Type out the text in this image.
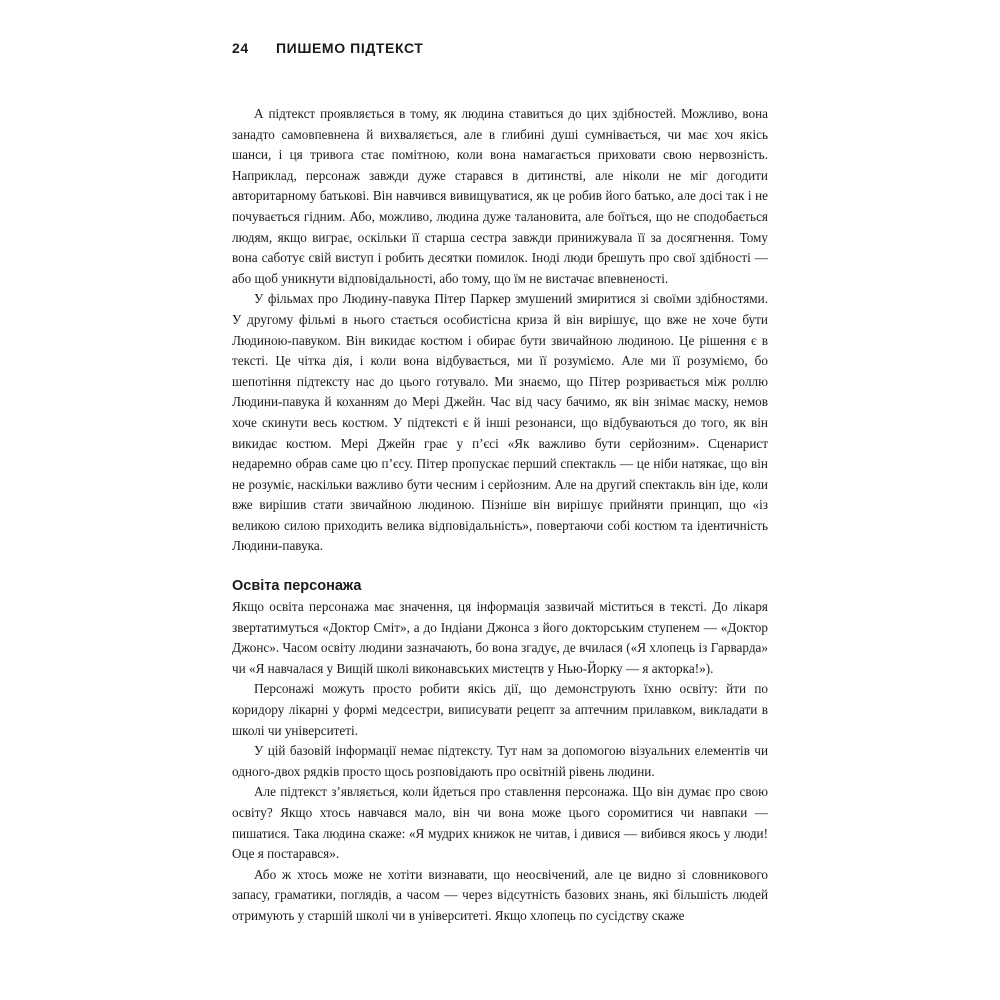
24	ПИШЕМО ПІДТЕКСТ

А підтекст проявляється в тому, як людина ставиться до цих здібностей. Можливо, вона занадто самовпевнена й вихваляється, але в глибині душі сумнівається, чи має хоч якісь шанси, і ця тривога стає помітною, коли вона намагається приховати свою нервозність. Наприклад, персонаж завжди дуже старався в дитинстві, але ніколи не міг догодити авторитарному батькові. Він навчився вивищуватися, як це робив його батько, але досі так і не почувається гідним. Або, можливо, людина дуже талановита, але боїться, що не сподобається людям, якщо виграє, оскільки її старша сестра завжди принижувала її за досягнення. Тому вона саботує свій виступ і робить десятки помилок. Іноді люди брешуть про свої здібності — або щоб уникнути відповідальності, або тому, що їм не вистачає впевненості.

У фільмах про Людину-павука Пітер Паркер змушений змиритися зі своїми здібностями. У другому фільмі в нього стається особистісна криза й він вирішує, що вже не хоче бути Людиною-павуком. Він викидає костюм і обирає бути звичайною людиною. Це рішення є в тексті. Це чітка дія, і коли вона відбувається, ми її розуміємо. Але ми її розуміємо, бо шепотіння підтексту нас до цього готувало. Ми знаємо, що Пітер розривається між роллю Людини-павука й коханням до Мері Джейн. Час від часу бачимо, як він знімає маску, немов хоче скинути весь костюм. У підтексті є й інші резонанси, що відбуваються до того, як він викидає костюм. Мері Джейн грає у п’єсі «Як важливо бути серйозним». Сценарист недаремно обрав саме цю п’єсу. Пітер пропускає перший спектакль — це ніби натякає, що він не розуміє, наскільки важливо бути чесним і серйозним. Але на другий спектакль він іде, коли вже вирішив стати звичайною людиною. Пізніше він вирішує прийняти принцип, що «із великою силою приходить велика відповідальність», повертаючи собі костюм та ідентичність Людини-павука.

Освіта персонажа

Якщо освіта персонажа має значення, ця інформація зазвичай міститься в тексті. До лікаря звертатимуться «Доктор Сміт», а до Індіани Джонса з його докторським ступенем — «Доктор Джонс». Часом освіту людини зазначають, бо вона згадує, де вчилася («Я хлопець із Гарварда» чи «Я навчалася у Вищій школі виконавських мистецтв у Нью-Йорку — я акторка!»).

Персонажі можуть просто робити якісь дії, що демонструють їхню освіту: йти по коридору лікарні у формі медсестри, виписувати рецепт за аптечним прилавком, викладати в школі чи університеті.

У цій базовій інформації немає підтексту. Тут нам за допомогою візуальних елементів чи одного-двох рядків просто щось розповідають про освітній рівень людини.

Але підтекст з’являється, коли йдеться про ставлення персонажа. Що він думає про свою освіту? Якщо хтось навчався мало, він чи вона може цього соромитися чи навпаки — пишатися. Така людина скаже: «Я мудрих книжок не читав, і дивися — вибився якось у люди! Оце я постарався».

Або ж хтось може не хотіти визнавати, що неосвічений, але це видно зі словникового запасу, граматики, поглядів, а часом — через відсутність базових знань, які більшість людей отримують у старшій школі чи в університеті. Якщо хлопець по сусідству скаже
